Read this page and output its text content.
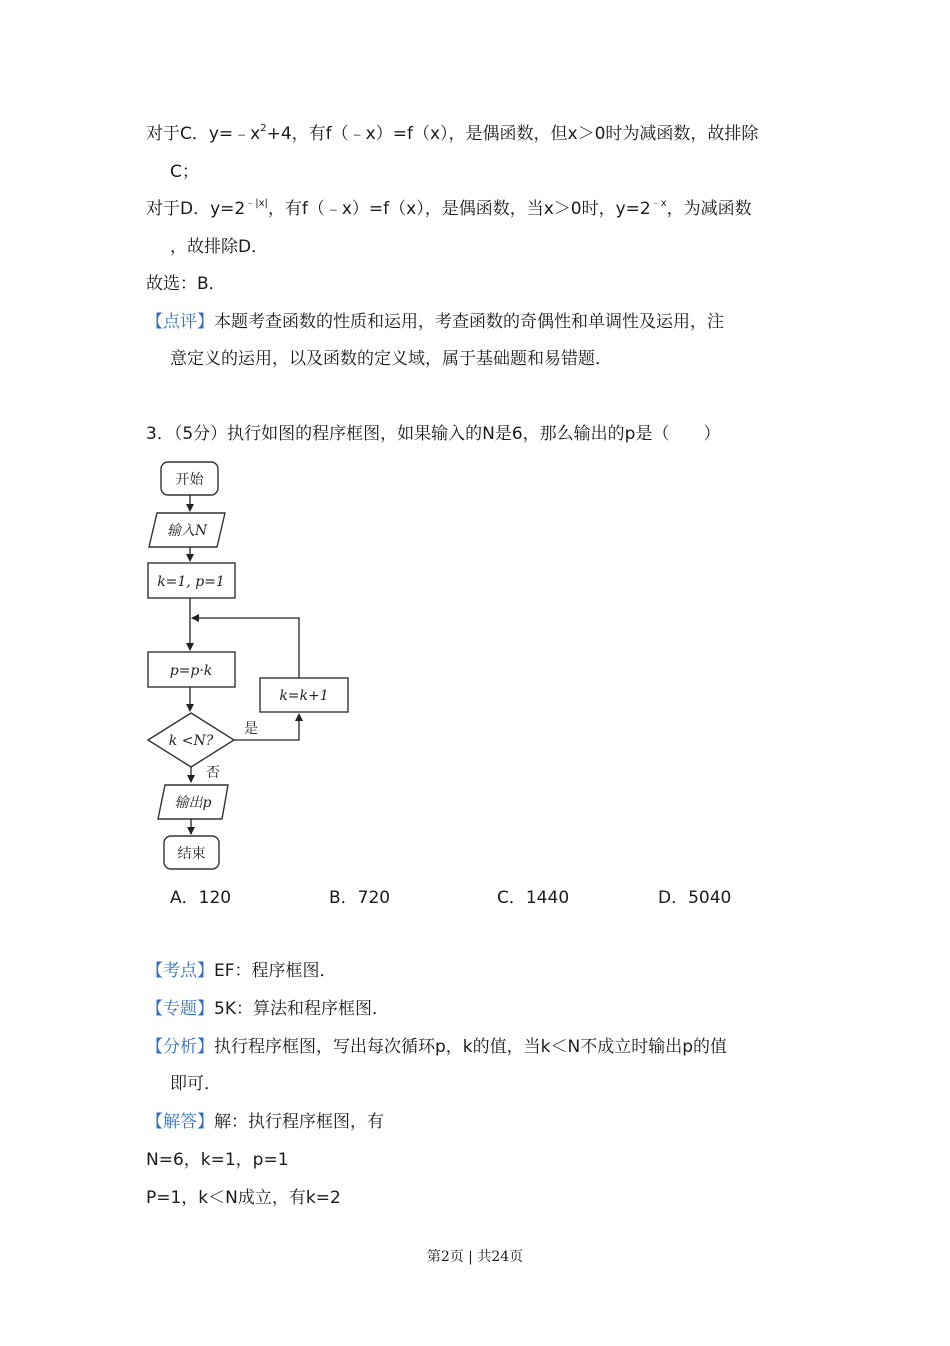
对于C．$y=﹣x^2+4$，有f（﹣x）=f（x），是偶函数，但x＞0时为减函数，故排除
C；
对于D．$y=2^{﹣|x|}$，有f（﹣x）=f（x），是偶函数，当x＞0时，$y=2^{﹣x}$，为减函数
，故排除D．
故选：B．
【点评】本题考查函数的性质和运用，考查函数的奇偶性和单调性及运用，注
意定义的运用，以及函数的定义域，属于基础题和易错题．
3．（5分）执行如图的程序框图，如果输入的N是6，那么输出的p是（　　）
开始
输入N
k=1, p=1
p=p·k
k <N?
是
k=k+1
否
输出p
结束
A．120	B．720	C．1440	D．5040
【考点】EF：程序框图．
【专题】5K：算法和程序框图．
【分析】执行程序框图，写出每次循环p，k的值，当k＜N不成立时输出p的值
即可．
【解答】解：执行程序框图，有
N=6，k=1，p=1
P=1，k＜N成立，有k=2
第2页 | 共24页
